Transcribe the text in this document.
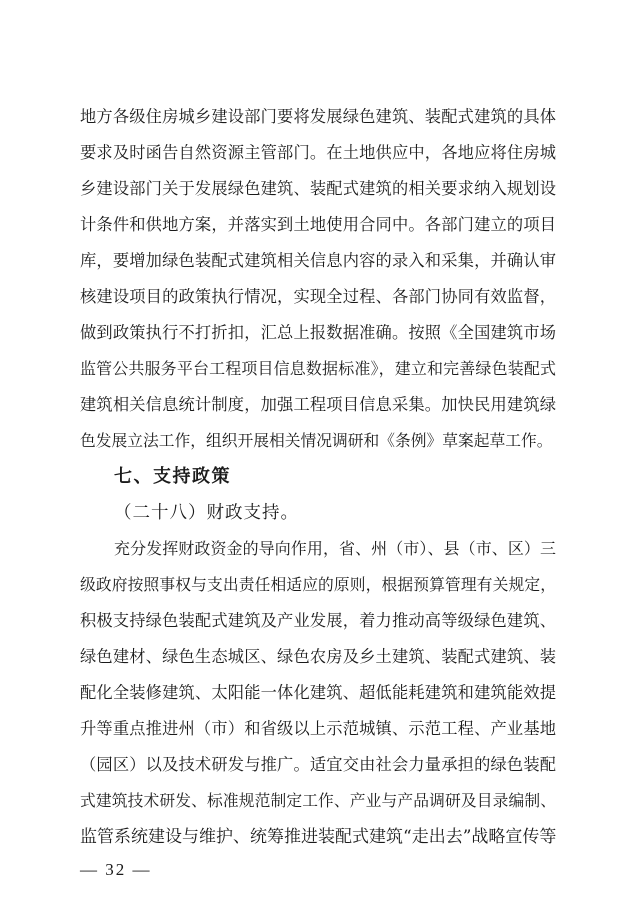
地方各级住房城乡建设部门要将发展绿色建筑、装配式建筑的具体
要求及时函告自然资源主管部门。在土地供应中，各地应将住房城
乡建设部门关于发展绿色建筑、装配式建筑的相关要求纳入规划设
计条件和供地方案，并落实到土地使用合同中。各部门建立的项目
库，要增加绿色装配式建筑相关信息内容的录入和采集，并确认审
核建设项目的政策执行情况，实现全过程、各部门协同有效监督，
做到政策执行不打折扣，汇总上报数据准确。按照《全国建筑市场
监管公共服务平台工程项目信息数据标准》，建立和完善绿色装配式
建筑相关信息统计制度，加强工程项目信息采集。加快民用建筑绿
色发展立法工作，组织开展相关情况调研和《条例》草案起草工作。
七、支持政策
（二十八）财政支持。
充分发挥财政资金的导向作用，省、州（市）、县（市、区）三
级政府按照事权与支出责任相适应的原则，根据预算管理有关规定，
积极支持绿色装配式建筑及产业发展，着力推动高等级绿色建筑、
绿色建材、绿色生态城区、绿色农房及乡土建筑、装配式建筑、装
配化全装修建筑、太阳能一体化建筑、超低能耗建筑和建筑能效提
升等重点推进州（市）和省级以上示范城镇、示范工程、产业基地
（园区）以及技术研发与推广。适宜交由社会力量承担的绿色装配
式建筑技术研发、标准规范制定工作、产业与产品调研及目录编制、
监管系统建设与维护、统筹推进装配式建筑“走出去”战略宣传等
— 32 —
